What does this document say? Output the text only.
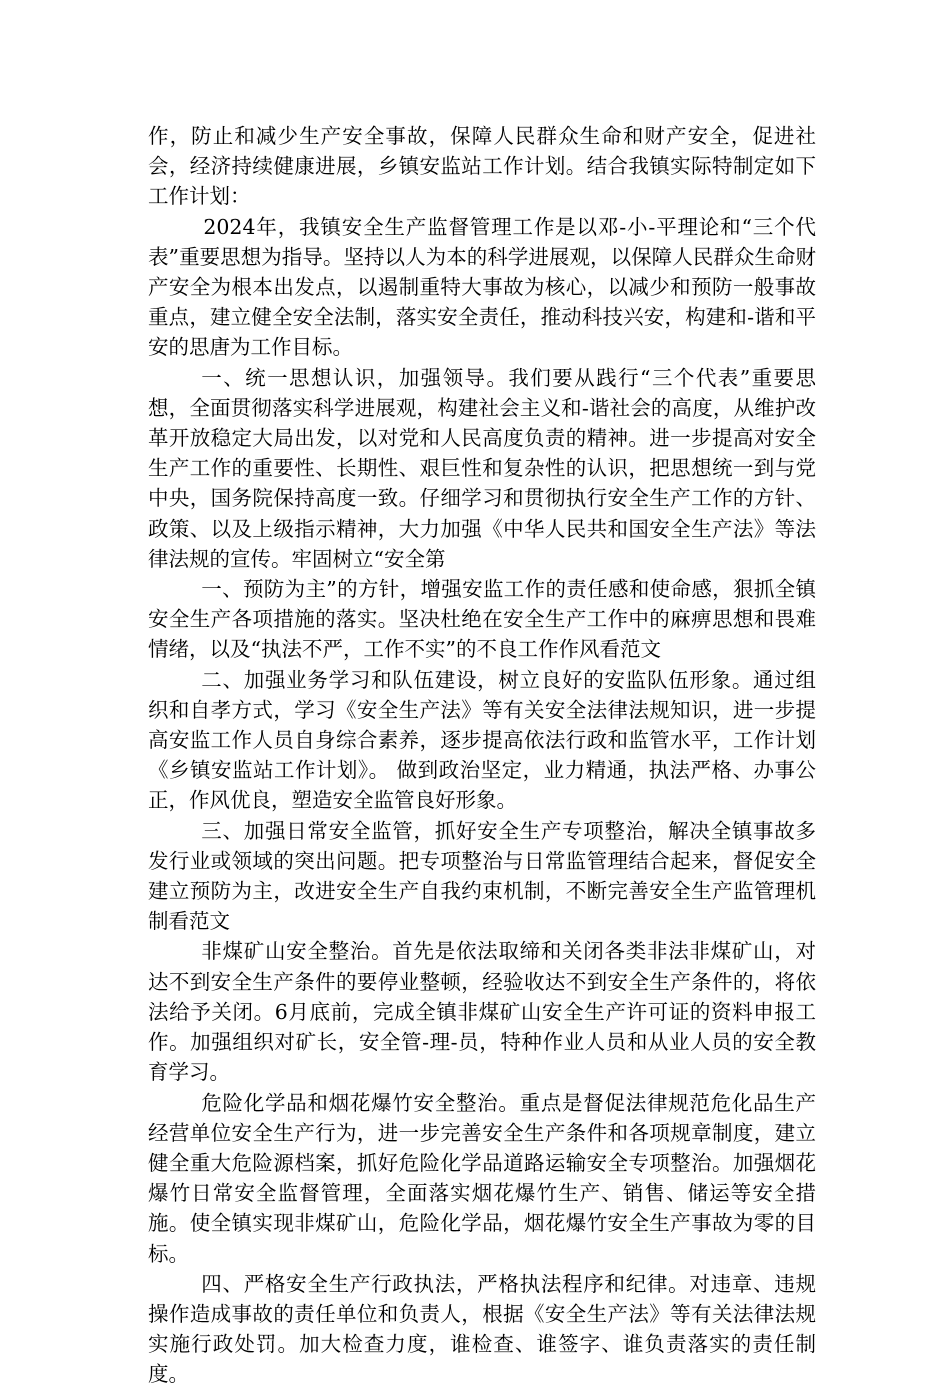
作，防止和减少生产安全事故，保障人民群众生命和财产安全，促进社会，经济持续健康进展，乡镇安监站工作计划。结合我镇实际特制定如下工作计划：

2024年，我镇安全生产监督管理工作是以邓-小-平理论和“三个代表”重要思想为指导。坚持以人为本的科学进展观，以保障人民群众生命财产安全为根本出发点，以遏制重特大事故为核心，以减少和预防一般事故重点，建立健全安全法制，落实安全责任，推动科技兴安，构建和-谐和平安的思唐为工作目标。

一、统一思想认识，加强领导。我们要从践行“三个代表”重要思想，全面贯彻落实科学进展观，构建社会主义和-谐社会的高度，从维护改革开放稳定大局出发，以对党和人民高度负责的精神。进一步提高对安全生产工作的重要性、长期性、艰巨性和复杂性的认识，把思想统一到与党中央，国务院保持高度一致。仔细学习和贯彻执行安全生产工作的方针、政策、以及上级指示精神，大力加强《中华人民共和国安全生产法》等法律法规的宣传。牢固树立“安全第

一、预防为主”的方针，增强安监工作的责任感和使命感，狠抓全镇安全生产各项措施的落实。坚决杜绝在安全生产工作中的麻痹思想和畏难情绪，以及“执法不严，工作不实”的不良工作作风看范文

二、加强业务学习和队伍建设，树立良好的安监队伍形象。通过组织和自孝方式，学习《安全生产法》等有关安全法律法规知识，进一步提高安监工作人员自身综合素养，逐步提高依法行政和监管水平，工作计划《乡镇安监站工作计划》。 做到政治坚定，业力精通，执法严格、办事公正，作风优良，塑造安全监管良好形象。

三、加强日常安全监管，抓好安全生产专项整治，解决全镇事故多发行业或领域的突出问题。把专项整治与日常监管理结合起来，督促安全建立预防为主，改进安全生产自我约束机制，不断完善安全生产监管理机制看范文

非煤矿山安全整治。首先是依法取缔和关闭各类非法非煤矿山，对达不到安全生产条件的要停业整顿，经验收达不到安全生产条件的，将依法给予关闭。6月底前，完成全镇非煤矿山安全生产许可证的资料申报工作。加强组织对矿长，安全管-理-员，特种作业人员和从业人员的安全教育学习。

危险化学品和烟花爆竹安全整治。重点是督促法律规范危化品生产经营单位安全生产行为，进一步完善安全生产条件和各项规章制度，建立健全重大危险源档案，抓好危险化学品道路运输安全专项整治。加强烟花爆竹日常安全监督管理，全面落实烟花爆竹生产、销售、储运等安全措施。使全镇实现非煤矿山，危险化学品，烟花爆竹安全生产事故为零的目标。

四、严格安全生产行政执法，严格执法程序和纪律。对违章、违规操作造成事故的责任单位和负责人，根据《安全生产法》等有关法律法规实施行政处罚。加大检查力度，谁检查、谁签字、谁负责落实的责任制度。
